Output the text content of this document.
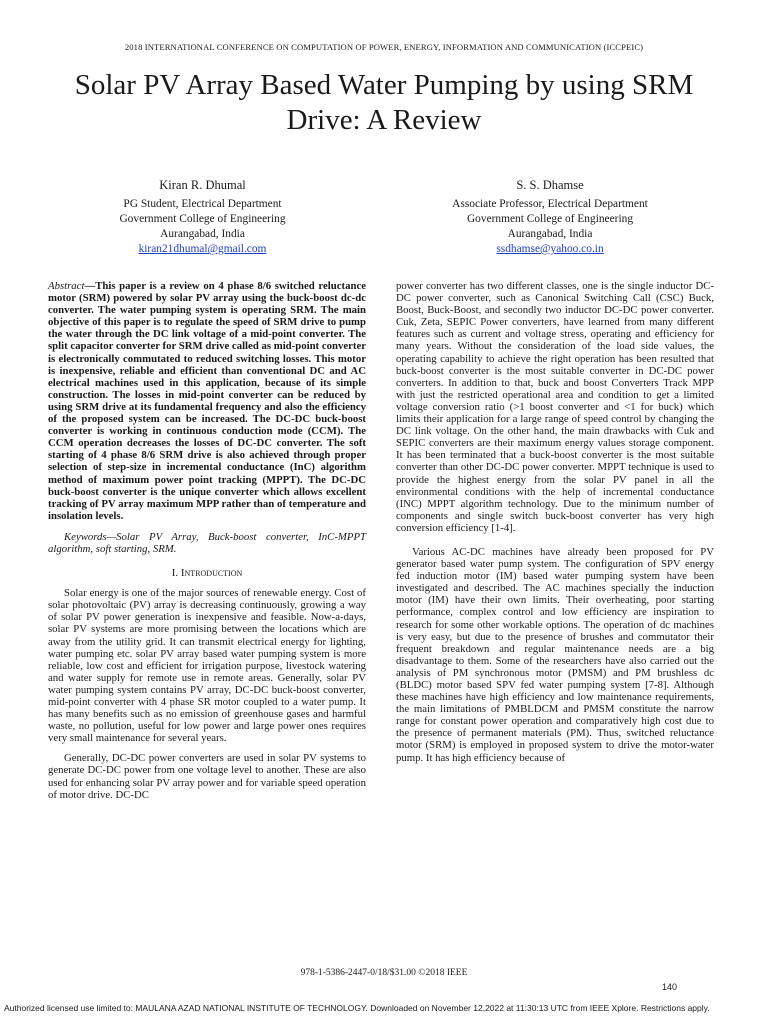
2018 INTERNATIONAL CONFERENCE ON COMPUTATION OF POWER, ENERGY, INFORMATION AND COMMUNICATION (ICCPEIC)
Solar PV Array Based Water Pumping by using SRM Drive: A Review
Kiran R. Dhumal
PG Student, Electrical Department
Government College of Engineering
Aurangabad, India
kiran21dhumal@gmail.com
S. S. Dhamse
Associate Professor, Electrical Department
Government College of Engineering
Aurangabad, India
ssdhamse@yahoo.co.in

Abstract—This paper is a review on 4 phase 8/6 switched reluctance motor (SRM) powered by solar PV array using the buck-boost dc-dc converter. The water pumping system is operating SRM. The main objective of this paper is to regulate the speed of SRM drive to pump the water through the DC link voltage of a mid-point converter. The split capacitor converter for SRM drive called as mid-point converter is electronically commutated to reduced switching losses. This motor is inexpensive, reliable and efficient than conventional DC and AC electrical machines used in this application, because of its simple construction. The losses in mid-point converter can be reduced by using SRM drive at its fundamental frequency and also the efficiency of the proposed system can be increased. The DC-DC buck-boost converter is working in continuous conduction mode (CCM). The CCM operation decreases the losses of DC-DC converter. The soft starting of 4 phase 8/6 SRM drive is also achieved through proper selection of step-size in incremental conductance (InC) algorithm method of maximum power point tracking (MPPT). The DC-DC buck-boost converter is the unique converter which allows excellent tracking of PV array maximum MPP rather than of temperature and insolation levels.

Keywords—Solar PV Array, Buck-boost converter, InC-MPPT algorithm, soft starting, SRM.

I. Introduction

Solar energy is one of the major sources of renewable energy. Cost of solar photovoltaic (PV) array is decreasing continuously, growing a way of solar PV power generation is inexpensive and feasible. Now-a-days, solar PV systems are more promising between the locations which are away from the utility grid. It can transmit electrical energy for lighting, water pumping etc. solar PV array based water pumping system is more reliable, low cost and efficient for irrigation purpose, livestock watering and water supply for remote use in remote areas. Generally, solar PV water pumping system contains PV array, DC-DC buck-boost converter, mid-point converter with 4 phase SR motor coupled to a water pump. It has many benefits such as no emission of greenhouse gases and harmful waste, no pollution, useful for low power and large power ones requires very small maintenance for several years.

Generally, DC-DC power converters are used in solar PV systems to generate DC-DC power from one voltage level to another. These are also used for enhancing solar PV array power and for variable speed operation of motor drive. DC-DC

power converter has two different classes, one is the single inductor DC-DC power converter, such as Canonical Switching Call (CSC) Buck, Boost, Buck-Boost, and secondly two inductor DC-DC power converter. Cuk, Zeta, SEPIC Power converters, have learned from many different features such as current and voltage stress, operating and efficiency for many years. Without the consideration of the load side values, the operating capability to achieve the right operation has been resulted that buck-boost converter is the most suitable converter in DC-DC power converters. In addition to that, buck and boost Converters Track MPP with just the restricted operational area and condition to get a limited voltage conversion ratio (>1 boost converter and <1 for buck) which limits their application for a large range of speed control by changing the DC link voltage. On the other hand, the main drawbacks with Cuk and SEPIC converters are their maximum energy values storage component. It has been terminated that a buck-boost converter is the most suitable converter than other DC-DC power converter. MPPT technique is used to provide the highest energy from the solar PV panel in all the environmental conditions with the help of incremental conductance (INC) MPPT algorithm technology. Due to the minimum number of components and single switch buck-boost converter has very high conversion efficiency [1-4].

Various AC-DC machines have already been proposed for PV generator based water pump system. The configuration of SPV energy fed induction motor (IM) based water pumping system have been investigated and described. The AC machines specially the induction motor (IM) have their own limits. Their overheating, poor starting performance, complex control and low efficiency are inspiration to research for some other workable options. The operation of dc machines is very easy, but due to the presence of brushes and commutator their frequent breakdown and regular maintenance needs are a big disadvantage to them. Some of the researchers have also carried out the analysis of PM synchronous motor (PMSM) and PM brushless dc (BLDC) motor based SPV fed water pumping system [7-8]. Although these machines have high efficiency and low maintenance requirements, the main limitations of PMBLDCM and PMSM constitute the narrow range for constant power operation and comparatively high cost due to the presence of permanent materials (PM). Thus, switched reluctance motor (SRM) is employed in proposed system to drive the motor-water pump. It has high efficiency because of

978-1-5386-2447-0/18/$31.00 ©2018 IEEE
140
Authorized licensed use limited to: MAULANA AZAD NATIONAL INSTITUTE OF TECHNOLOGY. Downloaded on November 12,2022 at 11:30:13 UTC from IEEE Xplore. Restrictions apply.
